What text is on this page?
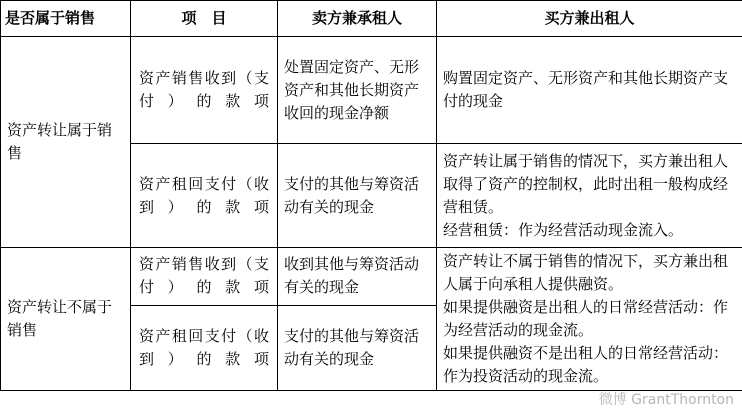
是否属于销售	项　目	卖方兼承租人	买方兼出租人
资产转让属于销售	资产销售收到（支付）的款项	处置固定资产、无形资产和其他长期资产收回的现金净额	购置固定资产、无形资产和其他长期资产支付的现金

	资产租回支付（收到）的款项	支付的其他与筹资活动有关的现金	资产转让属于销售的情况下，买方兼出租人取得了资产的控制权，此时出租一般构成经营租赁。
经营租赁：作为经营活动现金流入。

资产转让不属于销售	资产销售收到（支付）的款项	收到其他与筹资活动有关的现金	资产转让不属于销售的情况下，买方兼出租人属于向承租人提供融资。
如果提供融资是出租人的日常经营活动：作为经营活动的现金流。
如果提供融资不是出租人的日常经营活动：作为投资活动的现金流。

	资产租回支付（收到）的款项	支付的其他与筹资活动有关的现金	
微博 GrantThornton
